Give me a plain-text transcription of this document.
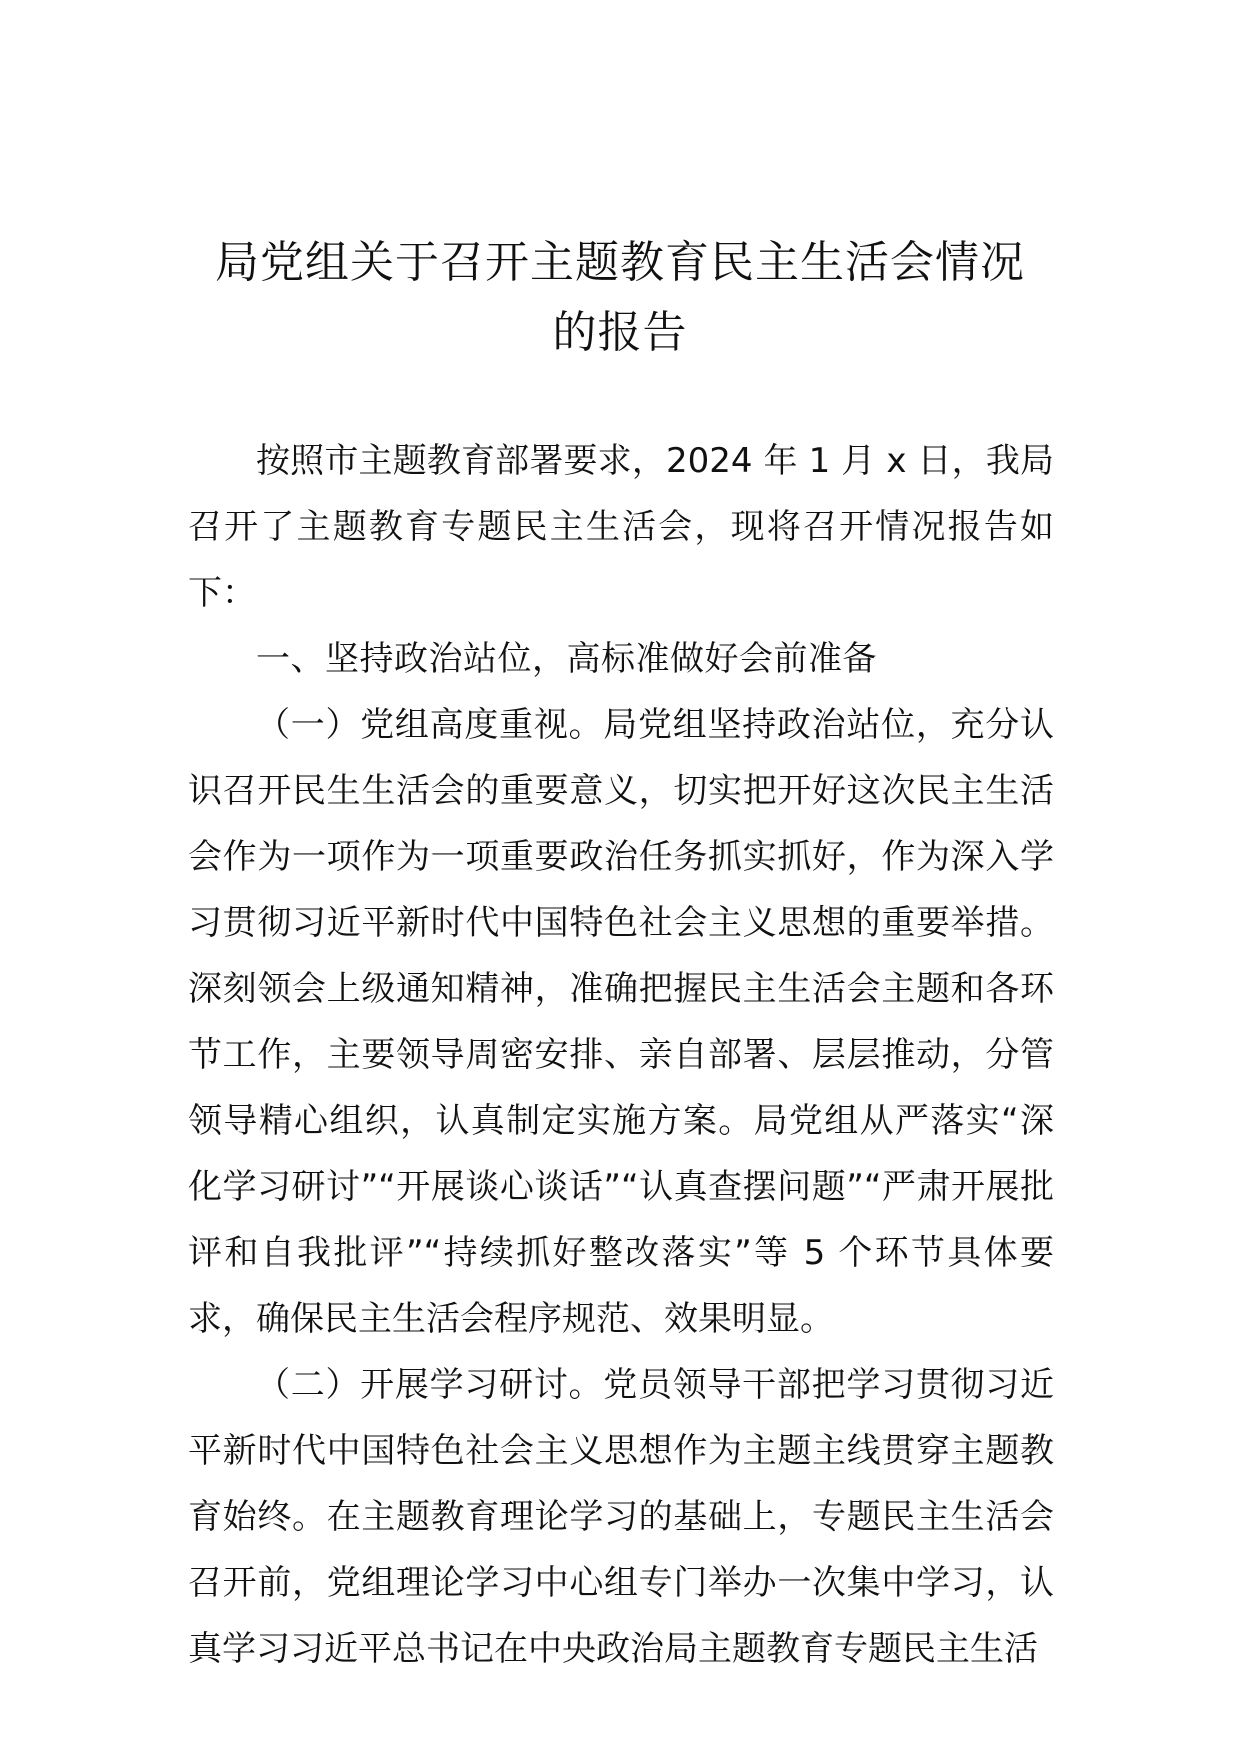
局党组关于召开主题教育民主生活会情况
的报告

按照市主题教育部署要求，2024 年 1 月 x 日，我局召开了主题教育专题民主生活会，现将召开情况报告如下：

一、坚持政治站位，高标准做好会前准备

（一）党组高度重视。局党组坚持政治站位，充分认识召开民生生活会的重要意义，切实把开好这次民主生活会作为一项作为一项重要政治任务抓实抓好，作为深入学习贯彻习近平新时代中国特色社会主义思想的重要举措。深刻领会上级通知精神，准确把握民主生活会主题和各环节工作，主要领导周密安排、亲自部署、层层推动，分管领导精心组织，认真制定实施方案。局党组从严落实“深化学习研讨”“开展谈心谈话”“认真查摆问题”“严肃开展批评和自我批评”“持续抓好整改落实”等 5 个环节具体要求，确保民主生活会程序规范、效果明显。

（二）开展学习研讨。党员领导干部把学习贯彻习近平新时代中国特色社会主义思想作为主题主线贯穿主题教育始终。在主题教育理论学习的基础上，专题民主生活会召开前，党组理论学习中心组专门举办一次集中学习，认真学习习近平总书记在中央政治局主题教育专题民主生活
